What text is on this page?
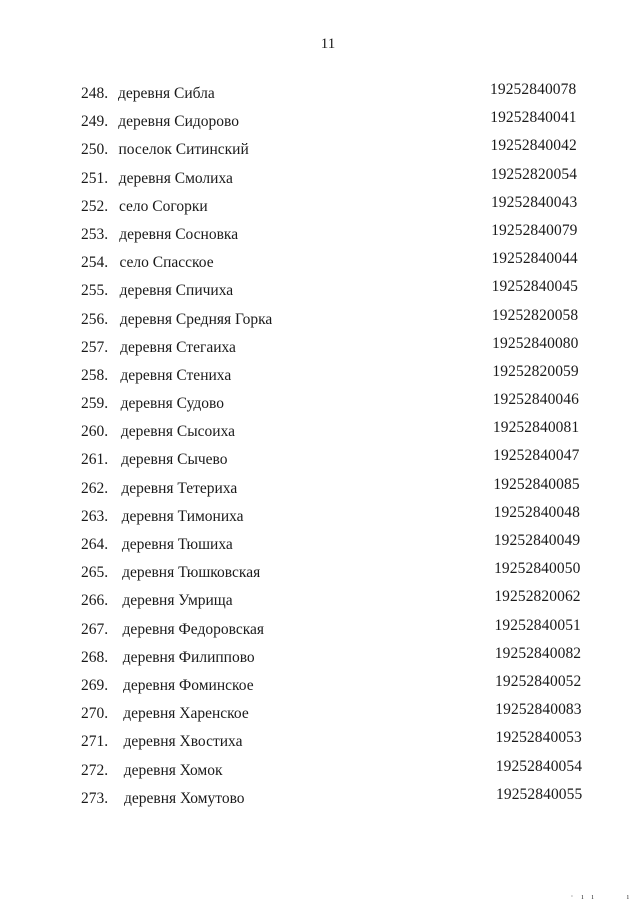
11
248. деревня Сибла	19252840078
249. деревня Сидорово	19252840041
250. поселок Ситинский	19252840042
251. деревня Смолиха	19252820054
252. село Согорки	19252840043
253. деревня Сосновка	19252840079
254. село Спасское	19252840044
255. деревня Спичиха	19252840045
256. деревня Средняя Горка	19252820058
257. деревня Стегаиха	19252840080
258. деревня Стениха	19252820059
259. деревня Судово	19252840046
260. деревня Сысоиха	19252840081
261. деревня Сычево	19252840047
262. деревня Тетериха	19252840085
263. деревня Тимониха	19252840048
264. деревня Тюшиха	19252840049
265. деревня Тюшковская	19252840050
266. деревня Умрища	19252820062
267. деревня Федоровская	19252840051
268. деревня Филиппово	19252840082
269. деревня Фоминское	19252840052
270. деревня Харенское	19252840083
271. деревня Хвостиха	19252840053
272. деревня Хомок	19252840054
273. деревня Хомутово	19252840055
· ı ı      ı
